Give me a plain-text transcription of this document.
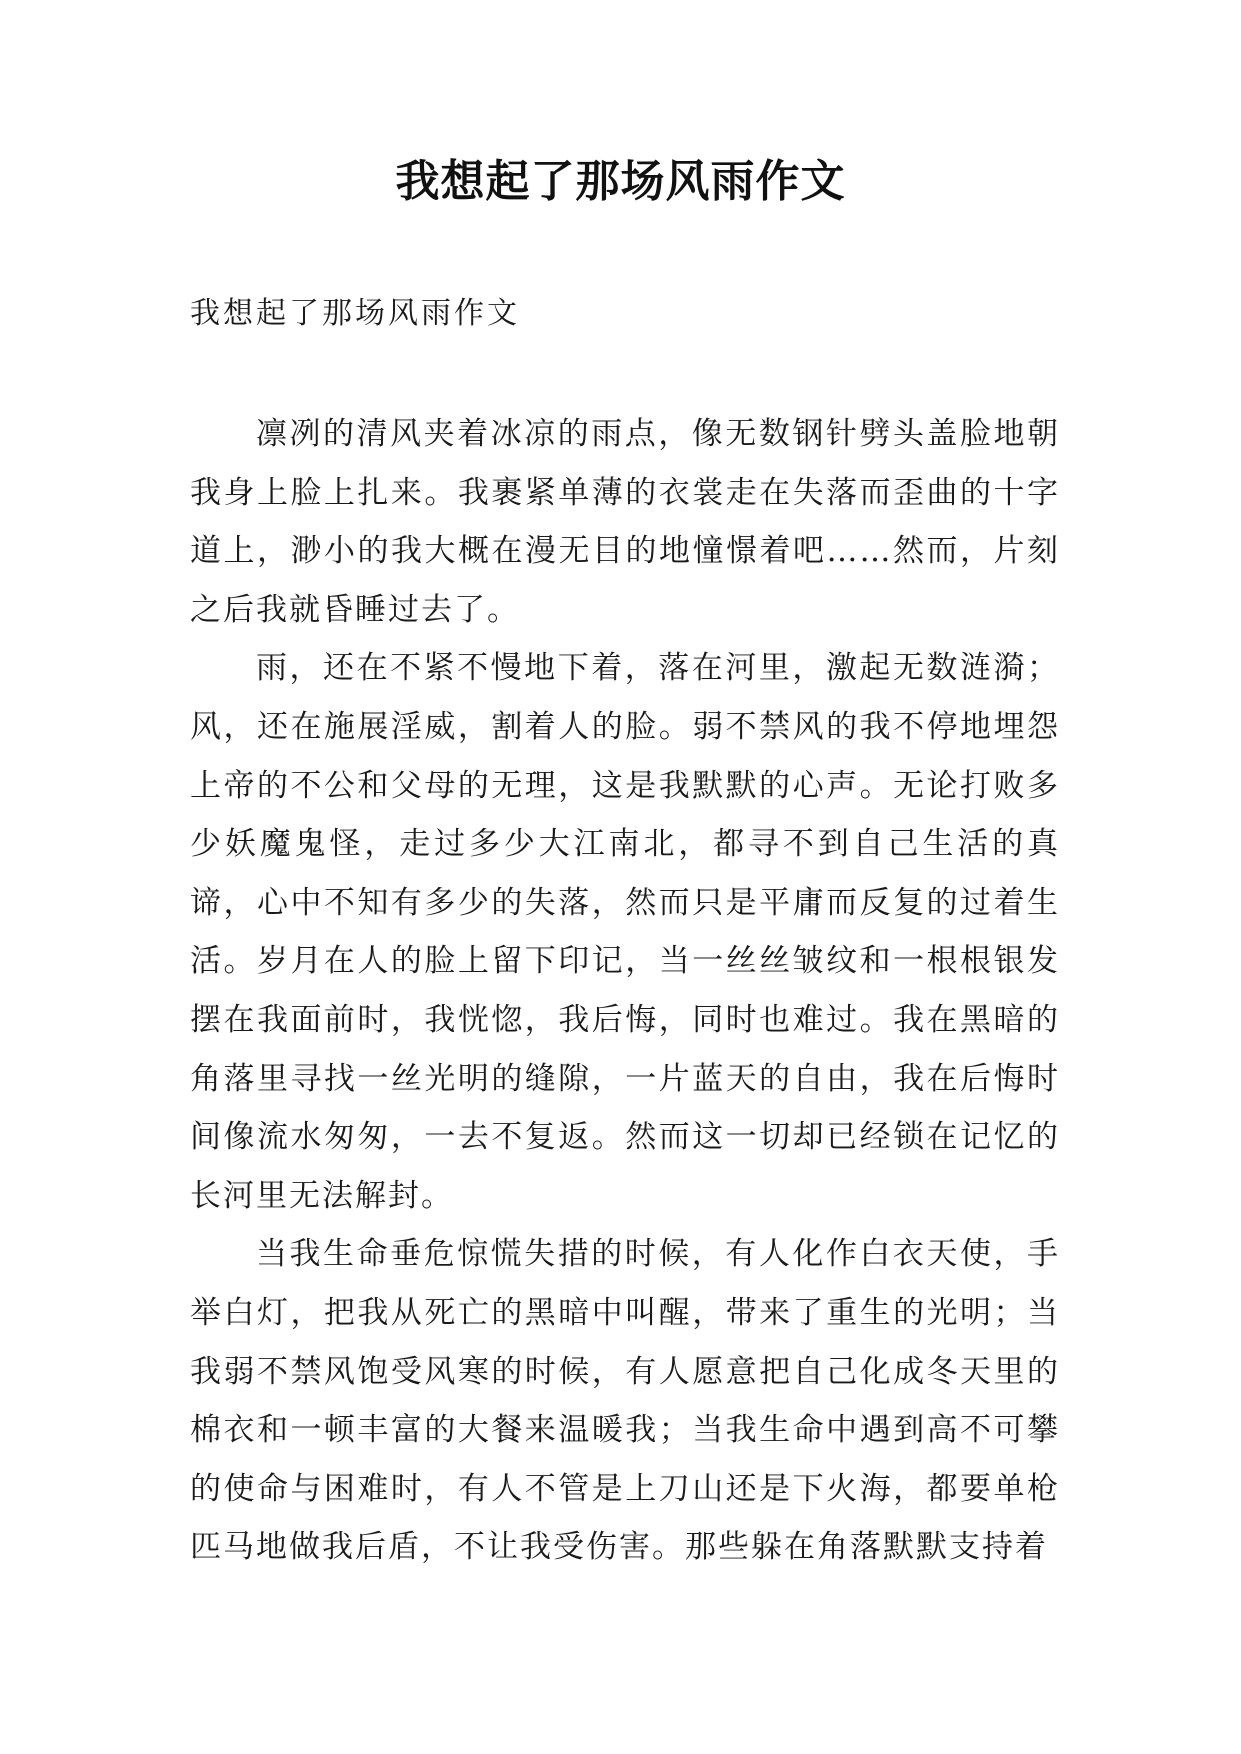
我想起了那场风雨作文
我想起了那场风雨作文

凛冽的清风夹着冰凉的雨点，像无数钢针劈头盖脸地朝我身上脸上扎来。我裹紧单薄的衣裳走在失落而歪曲的十字道上，渺小的我大概在漫无目的地憧憬着吧……然而，片刻之后我就昏睡过去了。

雨，还在不紧不慢地下着，落在河里，激起无数涟漪；风，还在施展淫威，割着人的脸。弱不禁风的我不停地埋怨上帝的不公和父母的无理，这是我默默的心声。无论打败多少妖魔鬼怪，走过多少大江南北，都寻不到自己生活的真谛，心中不知有多少的失落，然而只是平庸而反复的过着生活。岁月在人的脸上留下印记，当一丝丝皱纹和一根根银发摆在我面前时，我恍惚，我后悔，同时也难过。我在黑暗的角落里寻找一丝光明的缝隙，一片蓝天的自由，我在后悔时间像流水匆匆，一去不复返。然而这一切却已经锁在记忆的长河里无法解封。

当我生命垂危惊慌失措的时候，有人化作白衣天使，手举白灯，把我从死亡的黑暗中叫醒，带来了重生的光明；当我弱不禁风饱受风寒的时候，有人愿意把自己化成冬天里的棉衣和一顿丰富的大餐来温暖我；当我生命中遇到高不可攀的使命与困难时，有人不管是上刀山还是下火海，都要单枪匹马地做我后盾，不让我受伤害。那些躲在角落默默支持着
